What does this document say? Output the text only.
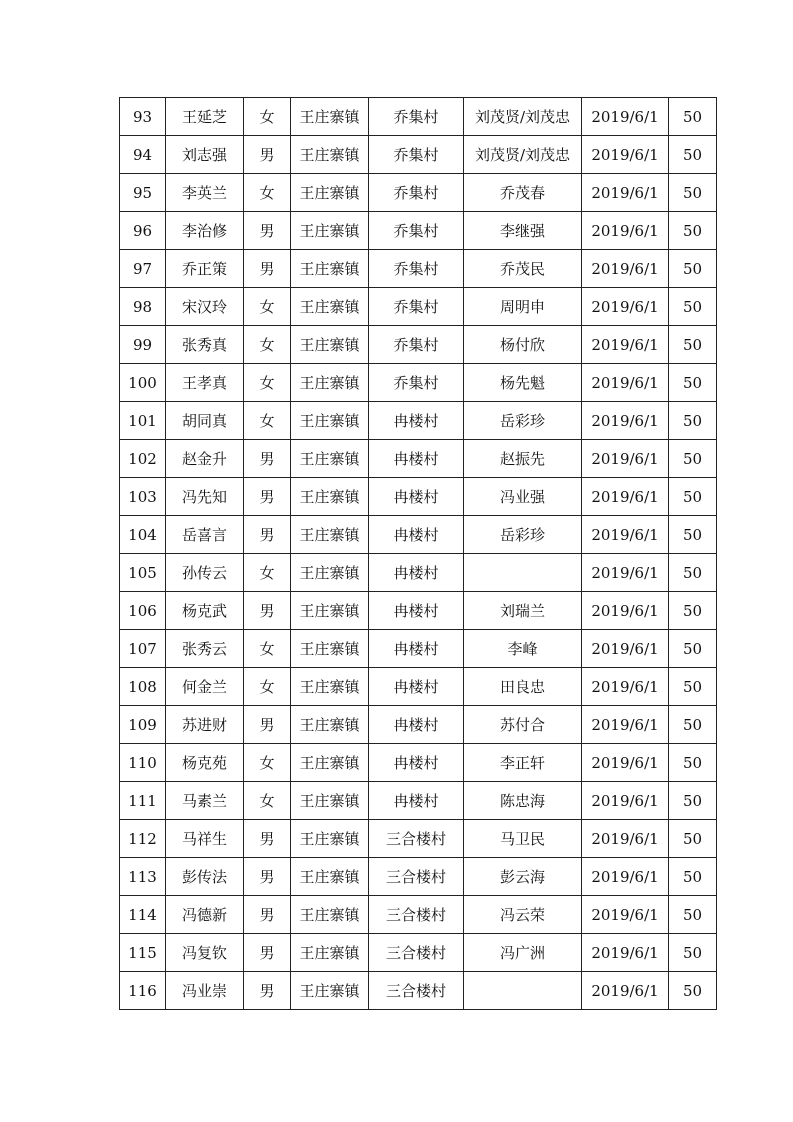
93	王延芝	女	王庄寨镇	乔集村	刘茂贤/刘茂忠	2019/6/1	50
94	刘志强	男	王庄寨镇	乔集村	刘茂贤/刘茂忠	2019/6/1	50
95	李英兰	女	王庄寨镇	乔集村	乔茂春	2019/6/1	50
96	李治修	男	王庄寨镇	乔集村	李继强	2019/6/1	50
97	乔正策	男	王庄寨镇	乔集村	乔茂民	2019/6/1	50
98	宋汉玲	女	王庄寨镇	乔集村	周明申	2019/6/1	50
99	张秀真	女	王庄寨镇	乔集村	杨付欣	2019/6/1	50
100	王孝真	女	王庄寨镇	乔集村	杨先魁	2019/6/1	50
101	胡同真	女	王庄寨镇	冉楼村	岳彩珍	2019/6/1	50
102	赵金升	男	王庄寨镇	冉楼村	赵振先	2019/6/1	50
103	冯先知	男	王庄寨镇	冉楼村	冯业强	2019/6/1	50
104	岳喜言	男	王庄寨镇	冉楼村	岳彩珍	2019/6/1	50
105	孙传云	女	王庄寨镇	冉楼村		2019/6/1	50
106	杨克武	男	王庄寨镇	冉楼村	刘瑞兰	2019/6/1	50
107	张秀云	女	王庄寨镇	冉楼村	李峰	2019/6/1	50
108	何金兰	女	王庄寨镇	冉楼村	田良忠	2019/6/1	50
109	苏进财	男	王庄寨镇	冉楼村	苏付合	2019/6/1	50
110	杨克苑	女	王庄寨镇	冉楼村	李正轩	2019/6/1	50
111	马素兰	女	王庄寨镇	冉楼村	陈忠海	2019/6/1	50
112	马祥生	男	王庄寨镇	三合楼村	马卫民	2019/6/1	50
113	彭传法	男	王庄寨镇	三合楼村	彭云海	2019/6/1	50
114	冯德新	男	王庄寨镇	三合楼村	冯云荣	2019/6/1	50
115	冯复钦	男	王庄寨镇	三合楼村	冯广洲	2019/6/1	50
116	冯业崇	男	王庄寨镇	三合楼村		2019/6/1	50
